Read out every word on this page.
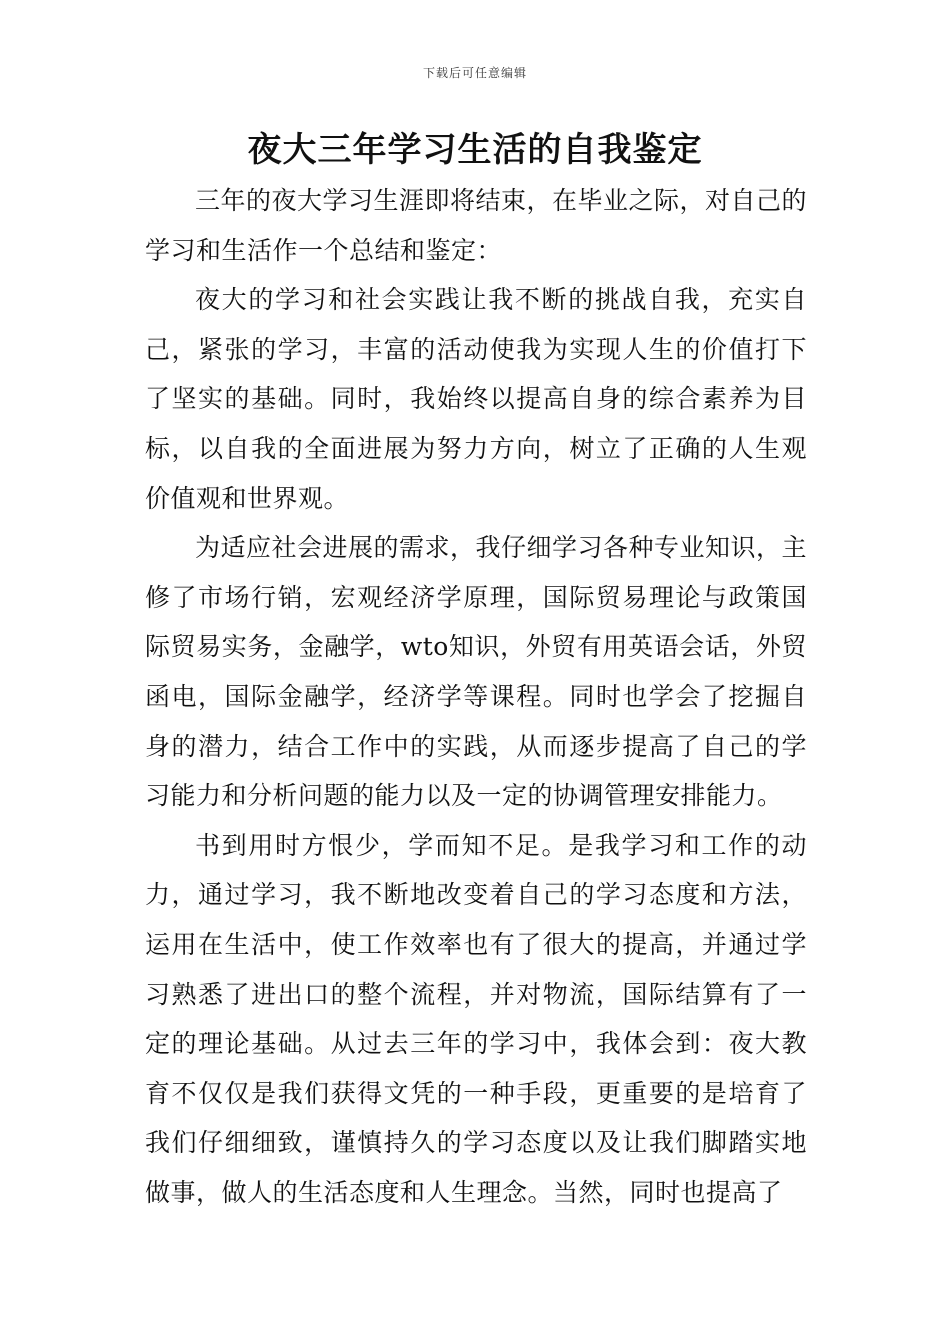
下载后可任意编辑
夜大三年学习生活的自我鉴定

三年的夜大学习生涯即将结束，在毕业之际，对自己的学习和生活作一个总结和鉴定：

夜大的学习和社会实践让我不断的挑战自我，充实自己，紧张的学习，丰富的活动使我为实现人生的价值打下了坚实的基础。同时，我始终以提高自身的综合素养为目标，以自我的全面进展为努力方向，树立了正确的人生观价值观和世界观。

为适应社会进展的需求，我仔细学习各种专业知识，主修了市场行销，宏观经济学原理，国际贸易理论与政策国际贸易实务，金融学，wto知识，外贸有用英语会话，外贸函电，国际金融学，经济学等课程。同时也学会了挖掘自身的潜力，结合工作中的实践，从而逐步提高了自己的学习能力和分析问题的能力以及一定的协调管理安排能力。

书到用时方恨少，学而知不足。是我学习和工作的动力，通过学习，我不断地改变着自己的学习态度和方法，运用在生活中，使工作效率也有了很大的提高，并通过学习熟悉了进出口的整个流程，并对物流，国际结算有了一定的理论基础。从过去三年的学习中，我体会到：夜大教育不仅仅是我们获得文凭的一种手段，更重要的是培育了我们仔细细致，谨慎持久的学习态度以及让我们脚踏实地做事，做人的生活态度和人生理念。当然，同时也提高了
